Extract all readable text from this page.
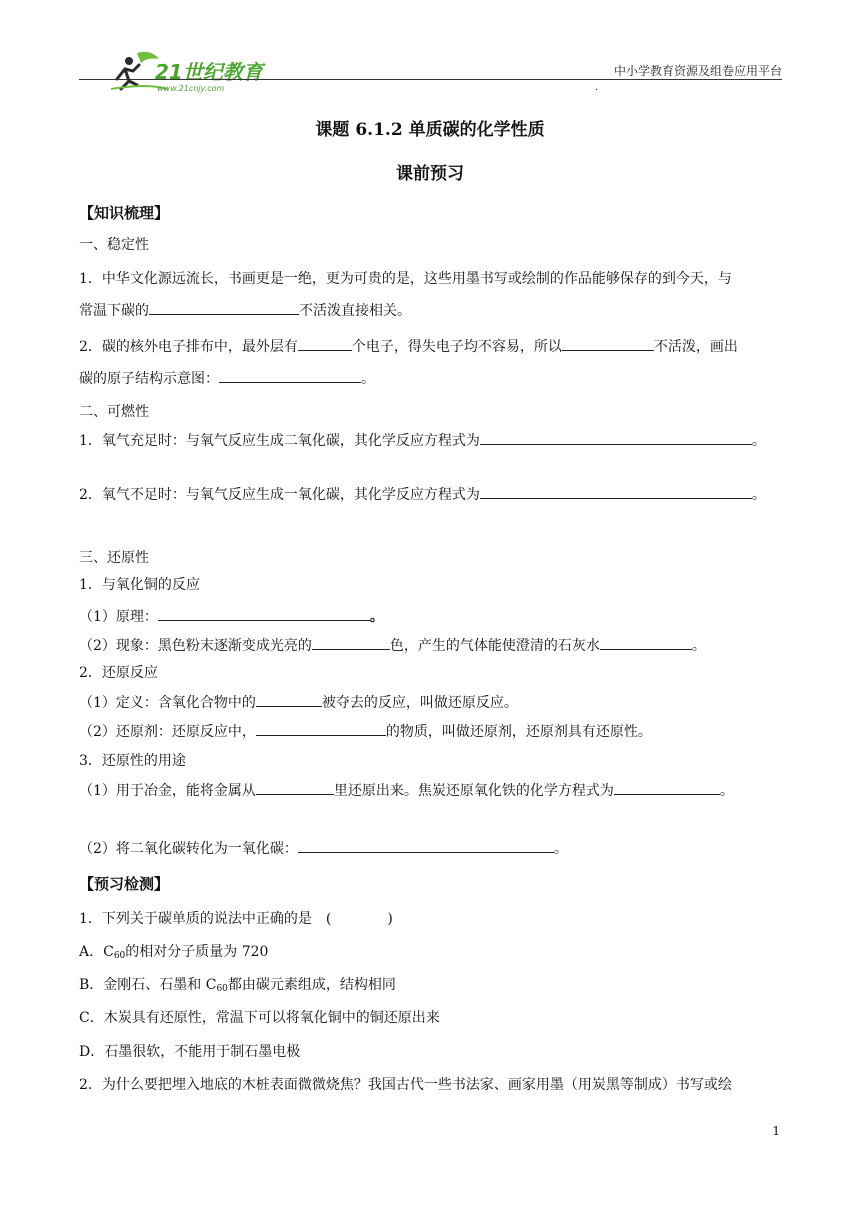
21世纪教育
www.21cnjy.com
中小学教育资源及组卷应用平台
.
课题 6.1.2 单质碳的化学性质
课前预习
【知识梳理】
一、稳定性
1．中华文化源远流长，书画更是一绝，更为可贵的是，这些用墨书写或绘制的作品能够保存的到今天，与
常温下碳的	不活泼直接相关。
2．碳的核外电子排布中，最外层有	个电子，得失电子均不容易，所以	不活泼，画出
碳的原子结构示意图：	。
二、可燃性
1．氧气充足时：与氧气反应生成二氧化碳，其化学反应方程式为	。
2．氧气不足时：与氧气反应生成一氧化碳，其化学反应方程式为	。
三、还原性
1．与氧化铜的反应
（1）原理：	。
（2）现象：黑色粉末逐渐变成光亮的	色，产生的气体能使澄清的石灰水	。
2．还原反应
（1）定义：含氧化合物中的	被夺去的反应，叫做还原反应。
（2）还原剂：还原反应中，	的物质，叫做还原剂，还原剂具有还原性。
3．还原性的用途
（1）用于冶金，能将金属从	里还原出来。焦炭还原氧化铁的化学方程式为	。
（2）将二氧化碳转化为一氧化碳：	。
【预习检测】
1．下列关于碳单质的说法中正确的是　(　　　　)
A．$C_{60}$的相对分子质量为 720
B．金刚石、石墨和 $C_{60}$都由碳元素组成，结构相同
C．木炭具有还原性，常温下可以将氧化铜中的铜还原出来
D．石墨很软，不能用于制石墨电极
2．为什么要把埋入地底的木桩表面微微烧焦？我国古代一些书法家、画家用墨（用炭黑等制成）书写或绘
1
